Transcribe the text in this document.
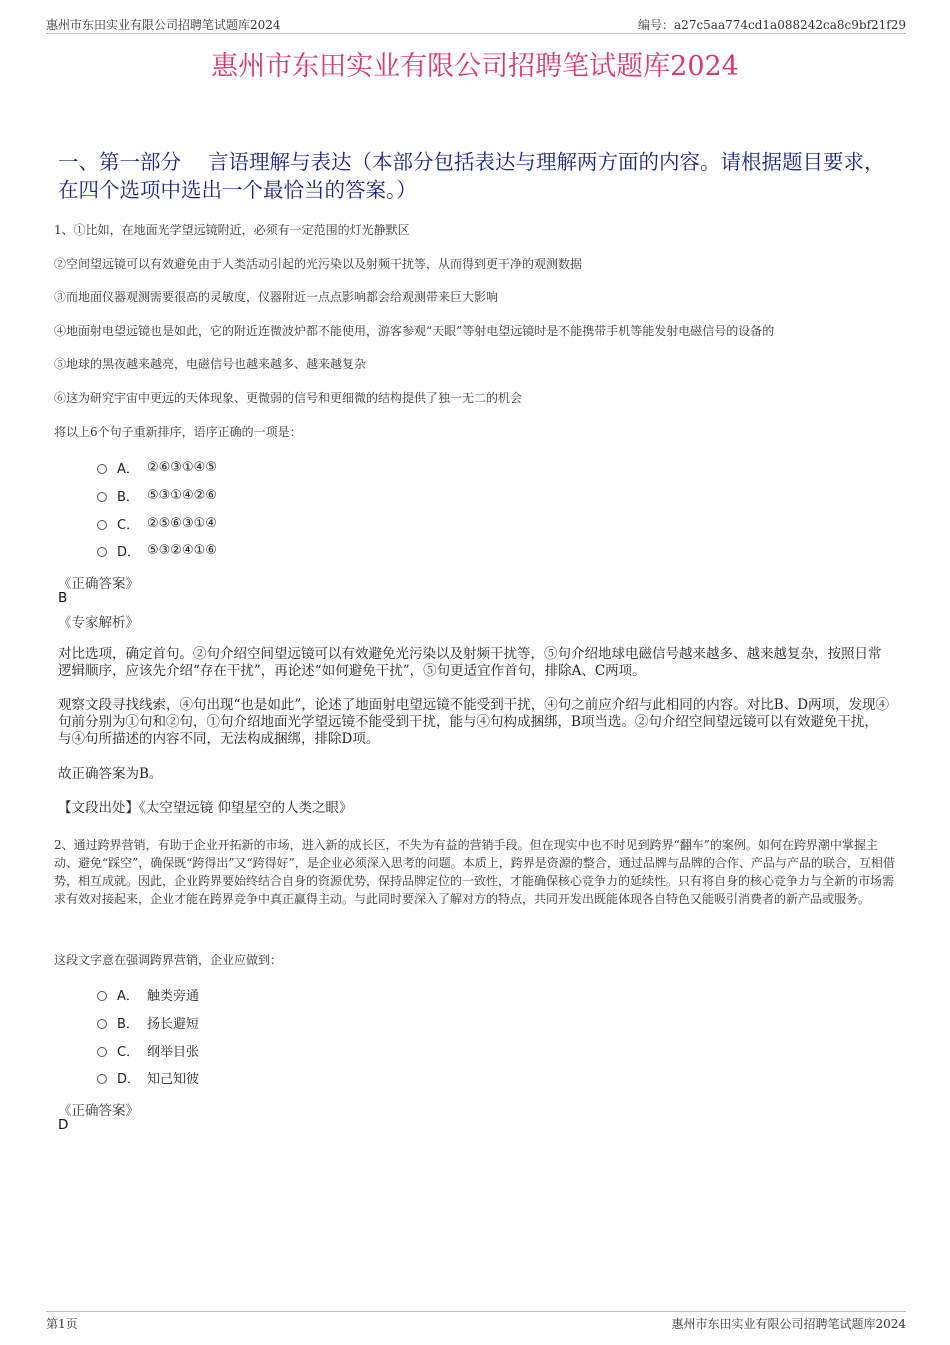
惠州市东田实业有限公司招聘笔试题库2024	编号：a27c5aa774cd1a088242ca8c9bf21f29
惠州市东田实业有限公司招聘笔试题库2024
一、第一部分　 言语理解与表达（本部分包括表达与理解两方面的内容。请根据题目要求，在四个选项中选出一个最恰当的答案。）
1、①比如，在地面光学望远镜附近，必须有一定范围的灯光静默区
②空间望远镜可以有效避免由于人类活动引起的光污染以及射频干扰等，从而得到更干净的观测数据
③而地面仪器观测需要很高的灵敏度，仪器附近一点点影响都会给观测带来巨大影响
④地面射电望远镜也是如此，它的附近连微波炉都不能使用，游客参观“天眼”等射电望远镜时是不能携带手机等能发射电磁信号的设备的
⑤地球的黑夜越来越亮，电磁信号也越来越多、越来越复杂
⑥这为研究宇宙中更远的天体现象、更微弱的信号和更细微的结构提供了独一无二的机会
将以上6个句子重新排序，语序正确的一项是：
A． ②⑥③①④⑤
B． ⑤③①④②⑥
C． ②⑤⑥③①④
D． ⑤③②④①⑥
《正确答案》
B
《专家解析》
对比选项，确定首句。②句介绍空间望远镜可以有效避免光污染以及射频干扰等，⑤句介绍地球电磁信号越来越多、越来越复杂，按照日常逻辑顺序，应该先介绍“存在干扰”，再论述“如何避免干扰”，⑤句更适宜作首句，排除A、C两项。
观察文段寻找线索，④句出现“也是如此”，论述了地面射电望远镜不能受到干扰，④句之前应介绍与此相同的内容。对比B、D两项，发现④句前分别为①句和②句，①句介绍地面光学望远镜不能受到干扰，能与④句构成捆绑，B项当选。②句介绍空间望远镜可以有效避免干扰，与④句所描述的内容不同，无法构成捆绑，排除D项。
故正确答案为B。
【文段出处】《太空望远镜 仰望星空的人类之眼》
2、通过跨界营销，有助于企业开拓新的市场，进入新的成长区，不失为有益的营销手段。但在现实中也不时见到跨界“翻车”的案例。如何在跨界潮中掌握主动、避免“踩空”，确保既“跨得出”又“跨得好”，是企业必须深入思考的问题。本质上，跨界是资源的整合，通过品牌与品牌的合作、产品与产品的联合，互相借势，相互成就。因此，企业跨界要始终结合自身的资源优势，保持品牌定位的一致性，才能确保核心竞争力的延续性。只有将自身的核心竞争力与全新的市场需求有效对接起来，企业才能在跨界竞争中真正赢得主动。与此同时要深入了解对方的特点，共同开发出既能体现各自特色又能吸引消费者的新产品或服务。
这段文字意在强调跨界营销，企业应做到：
A． 触类旁通
B． 扬长避短
C． 纲举目张
D． 知己知彼
《正确答案》
D
第1页	惠州市东田实业有限公司招聘笔试题库2024
